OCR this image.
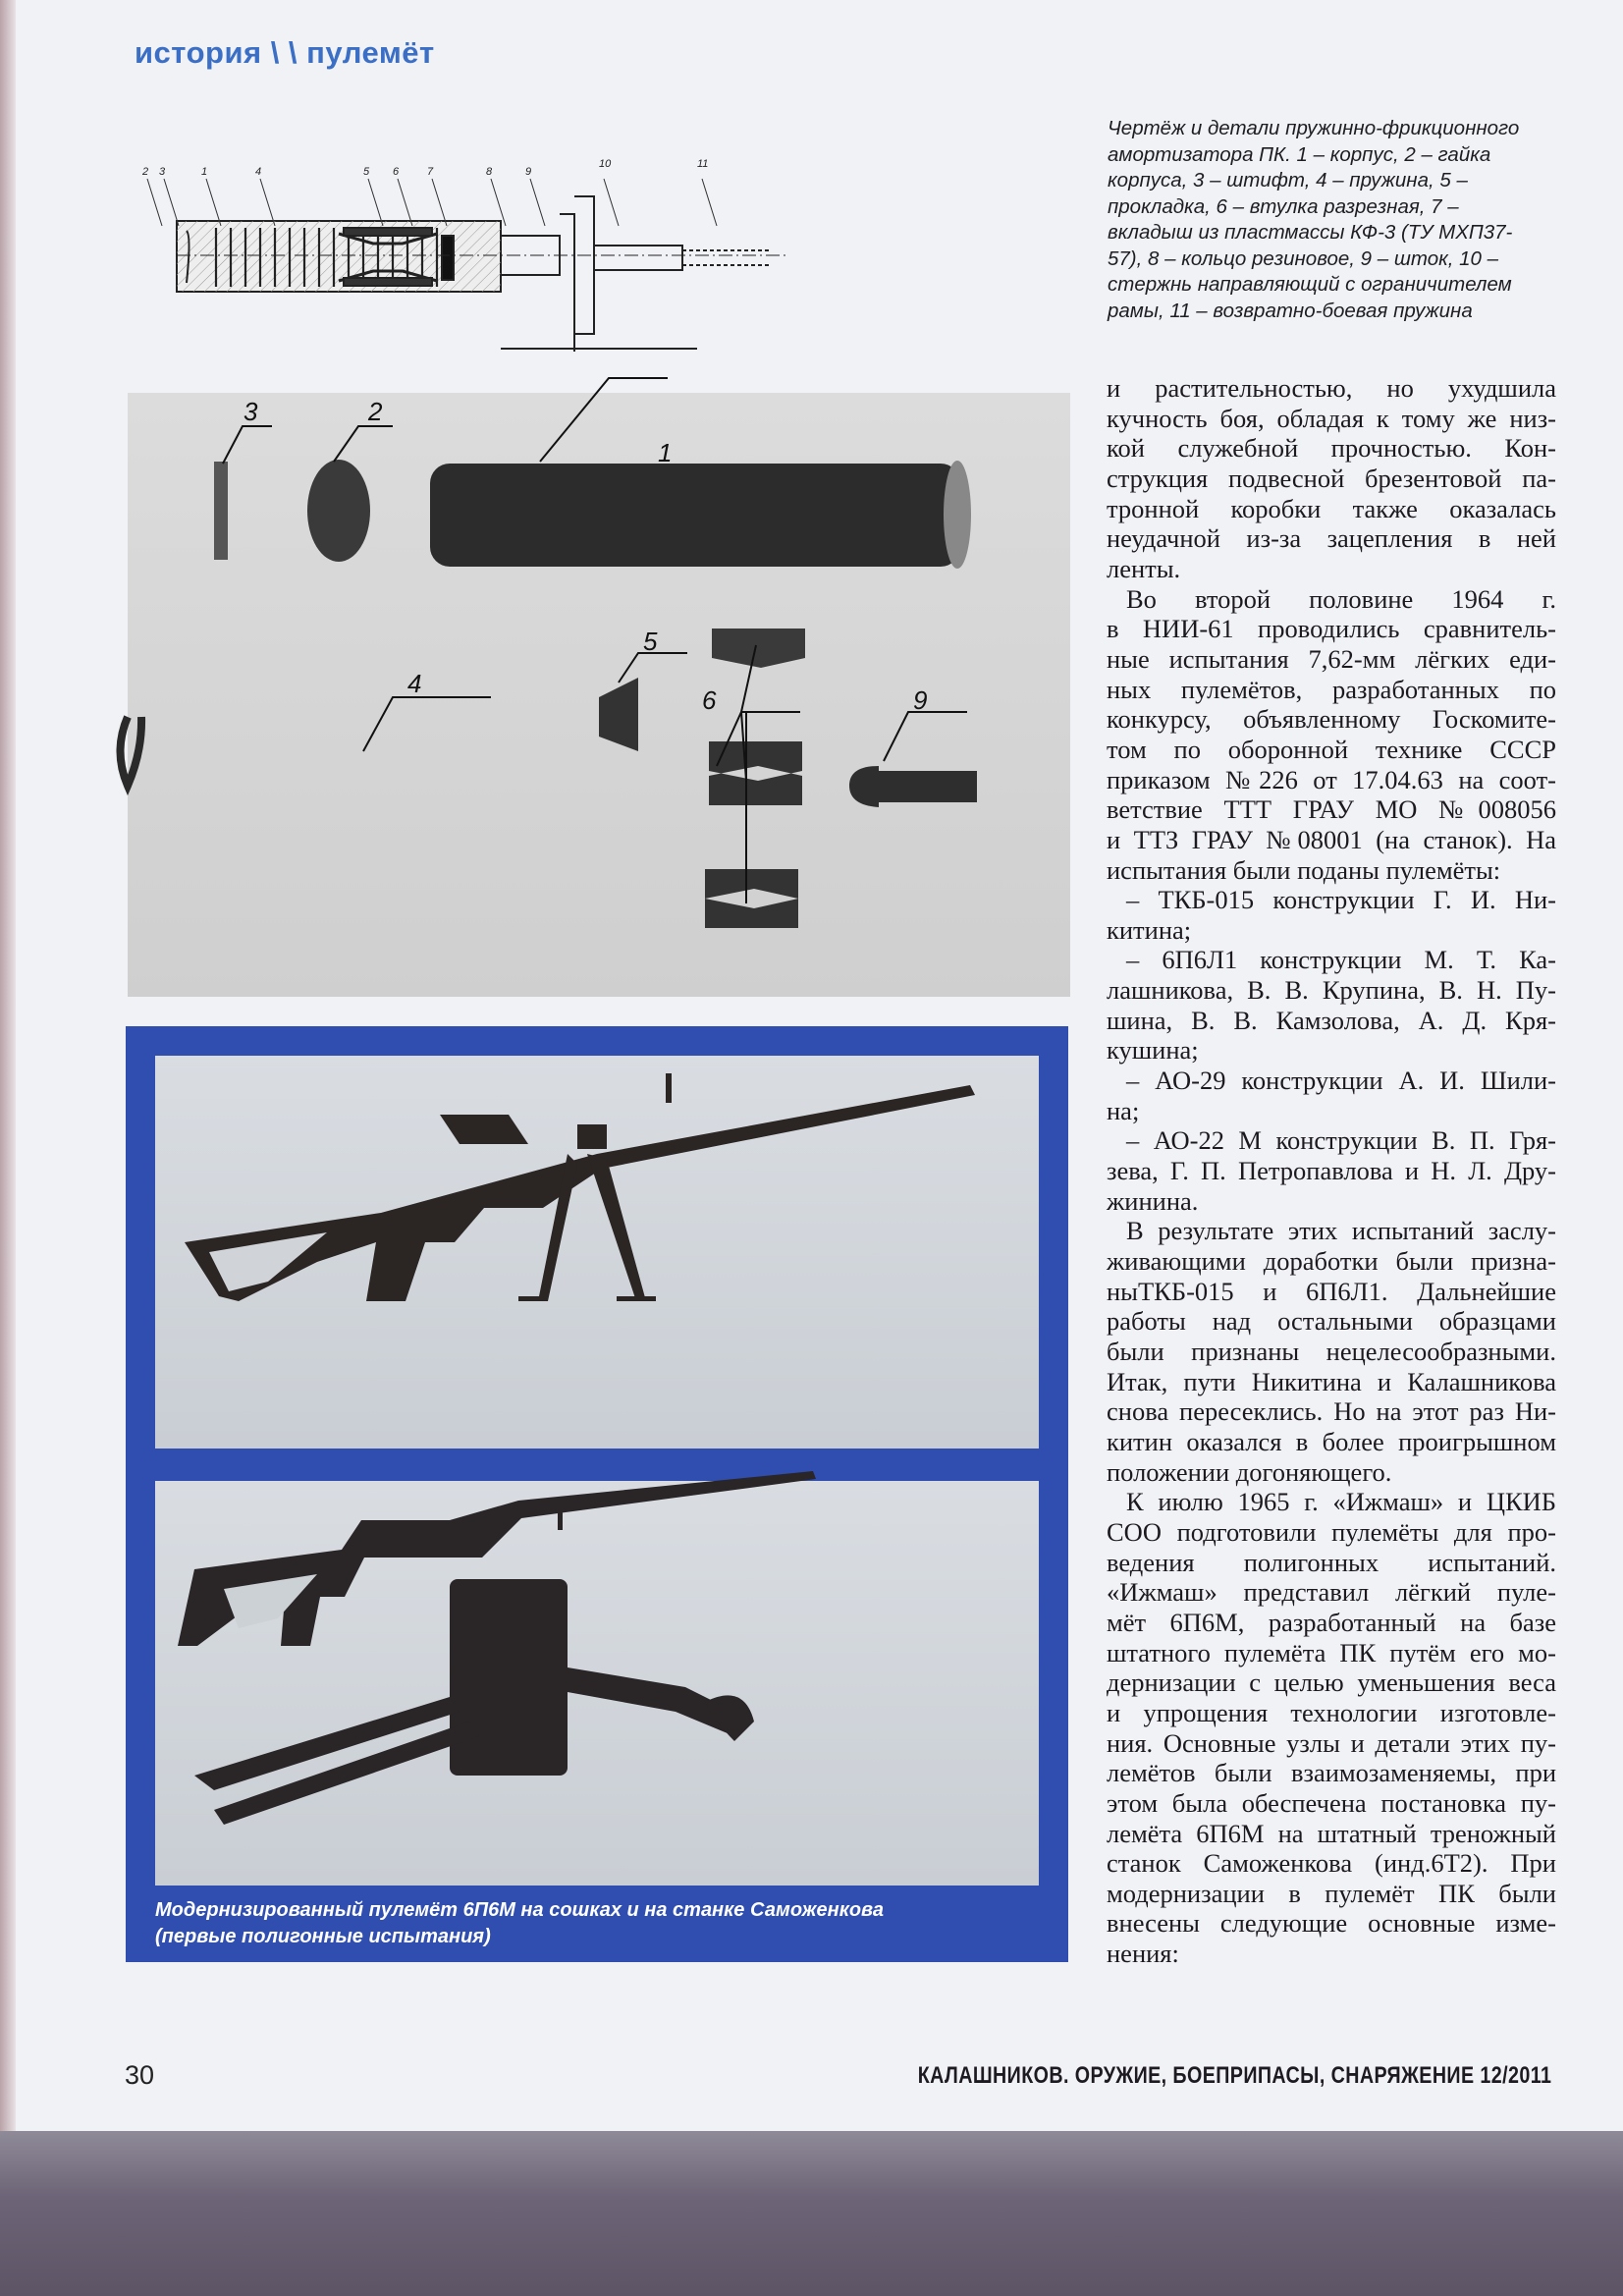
история \ \ пулемёт
2 3	1	4	5 6	7	8	9
10	11
Чертёж и детали пружинно-фрикционного
амортизатора ПК. 1 – корпус, 2 – гайка
корпуса, 3 – штифт, 4 – пружина, 5 –
прокладка, 6 – втулка разрезная, 7 –
вкладыш из пластмассы КФ-3 (ТУ МХП37-
57), 8 – кольцо резиновое, 9 – шток, 10 –
стержнь направляющий с ограничителем
рамы, 11 – возвратно-боевая пружина
3	2
1
4
5
6	9
Модернизированный пулемёт 6П6М на сошках и на станке Саможенкова
(первые полигонные испытания)
и растительностью, но ухудшила
кучность боя, обладая к тому же низ-
кой служебной прочностью. Кон-
струкция подвесной брезентовой па-
тронной коробки также оказалась
неудачной из-за зацепления в ней
ленты.
Во второй половине 1964 г.
в НИИ-61 проводились сравнитель-
ные испытания 7,62-мм лёгких еди-
ных пулемётов, разработанных по
конкурсу, объявленному Госкомите-
том по оборонной технике СССР
приказом №226 от 17.04.63 на соот-
ветствие ТТТ ГРАУ МО №008056
и ТТЗ ГРАУ №08001 (на станок). На
испытания были поданы пулемёты:
– ТКБ-015 конструкции Г. И. Ни-
китина;
– 6П6Л1 конструкции М. Т. Ка-
лашникова, В. В. Крупина, В. Н. Пу-
шина, В. В. Камзолова, А. Д. Кря-
кушина;
– АО-29 конструкции А. И. Шили-
на;
– АО-22 М конструкции В. П. Гря-
зева, Г. П. Петропавлова и Н. Л. Дру-
жинина.
В результате этих испытаний заслу-
живающими доработки были призна-
ныТКБ-015 и 6П6Л1. Дальнейшие
работы над остальными образцами
были признаны нецелесообразными.
Итак, пути Никитина и Калашникова
снова пересеклись. Но на этот раз Ни-
китин оказался в более проигрышном
положении догоняющего.
К июлю 1965 г. «Ижмаш» и ЦКИБ
СОО подготовили пулемёты для про-
ведения полигонных испытаний.
«Ижмаш» представил лёгкий пуле-
мёт 6П6М, разработанный на базе
штатного пулемёта ПК путём его мо-
дернизации с целью уменьшения веса
и упрощения технологии изготовле-
ния. Основные узлы и детали этих пу-
лемётов были взаимозаменяемы, при
этом была обеспечена постановка пу-
лемёта 6П6М на штатный треножный
станок Саможенкова (инд.6Т2). При
модернизации в пулемёт ПК были
внесены следующие основные изме-
нения:
30	КАЛАШНИКОВ. ОРУЖИЕ, БОЕПРИПАСЫ, СНАРЯЖЕНИЕ 12/2011
